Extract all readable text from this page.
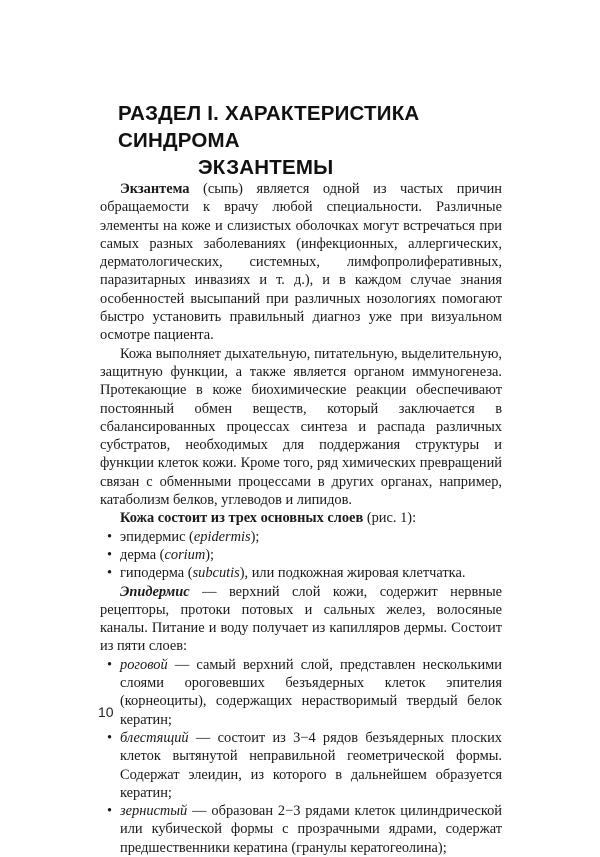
РАЗДЕЛ I. ХАРАКТЕРИСТИКА СИНДРОМА
ЭКЗАНТЕМЫ

Экзантема (сыпь) является одной из частых причин обращаемости к врачу любой специальности. Различные элементы на коже и слизистых оболочках могут встречаться при самых разных заболеваниях (инфекционных, аллергических, дерматологических, системных, лимфопролиферативных, паразитарных инвазиях и т. д.), и в каждом случае знания особенностей высыпаний при различных нозологиях помогают быстро установить правильный диагноз уже при визуальном осмотре пациента.

Кожа выполняет дыхательную, питательную, выделительную, защитную функции, а также является органом иммуногенеза. Протекающие в коже биохимические реакции обеспечивают постоянный обмен веществ, который заключается в сбалансированных процессах синтеза и распада различных субстратов, необходимых для поддержания структуры и функции клеток кожи. Кроме того, ряд химических превращений связан с обменными процессами в других органах, например, катаболизм белков, углеводов и липидов.

Кожа состоит из трех основных слоев (рис. 1):

• эпидермис (epidermis);
• дерма (corium);
• гиподерма (subcutis), или подкожная жировая клетчатка.

Эпидермис — верхний слой кожи, содержит нервные рецепторы, протоки потовых и сальных желез, волосяные каналы. Питание и воду получает из капилляров дермы. Состоит из пяти слоев:

• роговой — самый верхний слой, представлен несколькими слоями ороговевших безъядерных клеток эпителия (корнеоциты), содержащих нерастворимый твердый белок кератин;
• блестящий — состоит из 3−4 рядов безъядерных плоских клеток вытянутой неправильной геометрической формы. Содержат элеидин, из которого в дальнейшем образуется кератин;
• зернистый — образован 2−3 рядами клеток цилиндрической или кубической формы с прозрачными ядрами, содержат предшественники кератина (гранулы кератогеолина);
10
